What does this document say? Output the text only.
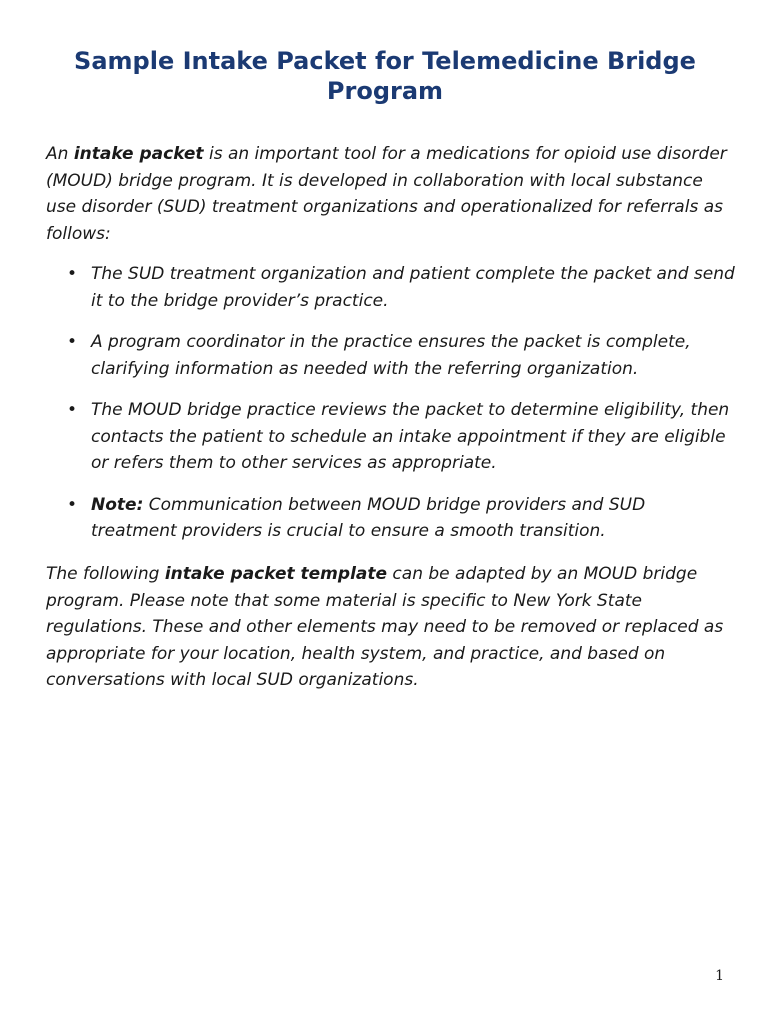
Sample Intake Packet for Telemedicine Bridge Program

An intake packet is an important tool for a medications for opioid use disorder (MOUD) bridge program. It is developed in collaboration with local substance use disorder (SUD) treatment organizations and operationalized for referrals as follows:

• The SUD treatment organization and patient complete the packet and send it to the bridge provider’s practice.
• A program coordinator in the practice ensures the packet is complete, clarifying information as needed with the referring organization.
• The MOUD bridge practice reviews the packet to determine eligibility, then contacts the patient to schedule an intake appointment if they are eligible or refers them to other services as appropriate.
• Note: Communication between MOUD bridge providers and SUD treatment providers is crucial to ensure a smooth transition.

The following intake packet template can be adapted by an MOUD bridge program. Please note that some material is specific to New York State regulations. These and other elements may need to be removed or replaced as appropriate for your location, health system, and practice, and based on conversations with local SUD organizations.

1
